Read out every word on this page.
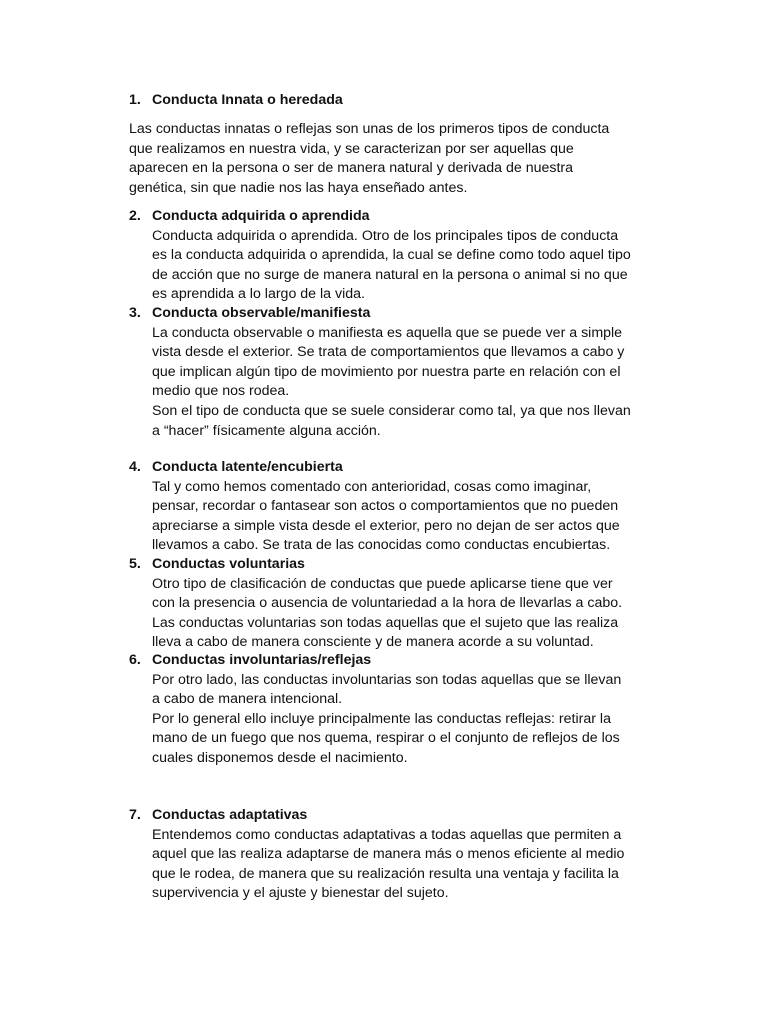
1. Conducta Innata o heredada
Las conductas innatas o reflejas son unas de los primeros tipos de conducta
que realizamos en nuestra vida, y se caracterizan por ser aquellas que
aparecen en la persona o ser de manera natural y derivada de nuestra
genética, sin que nadie nos las haya enseñado antes.
2. Conducta adquirida o aprendida
Conducta adquirida o aprendida. Otro de los principales tipos de conducta
es la conducta adquirida o aprendida, la cual se define como todo aquel tipo
de acción que no surge de manera natural en la persona o animal si no que
es aprendida a lo largo de la vida.
3. Conducta observable/manifiesta
La conducta observable o manifiesta es aquella que se puede ver a simple
vista desde el exterior. Se trata de comportamientos que llevamos a cabo y
que implican algún tipo de movimiento por nuestra parte en relación con el
medio que nos rodea.
Son el tipo de conducta que se suele considerar como tal, ya que nos llevan
a “hacer” físicamente alguna acción.
4. Conducta latente/encubierta
Tal y como hemos comentado con anterioridad, cosas como imaginar,
pensar, recordar o fantasear son actos o comportamientos que no pueden
apreciarse a simple vista desde el exterior, pero no dejan de ser actos que
llevamos a cabo. Se trata de las conocidas como conductas encubiertas.
5. Conductas voluntarias
Otro tipo de clasificación de conductas que puede aplicarse tiene que ver
con la presencia o ausencia de voluntariedad a la hora de llevarlas a cabo.
Las conductas voluntarias son todas aquellas que el sujeto que las realiza
lleva a cabo de manera consciente y de manera acorde a su voluntad.
6. Conductas involuntarias/reflejas
Por otro lado, las conductas involuntarias son todas aquellas que se llevan
a cabo de manera intencional.
Por lo general ello incluye principalmente las conductas reflejas: retirar la
mano de un fuego que nos quema, respirar o el conjunto de reflejos de los
cuales disponemos desde el nacimiento.
7. Conductas adaptativas
Entendemos como conductas adaptativas a todas aquellas que permiten a
aquel que las realiza adaptarse de manera más o menos eficiente al medio
que le rodea, de manera que su realización resulta una ventaja y facilita la
supervivencia y el ajuste y bienestar del sujeto.
